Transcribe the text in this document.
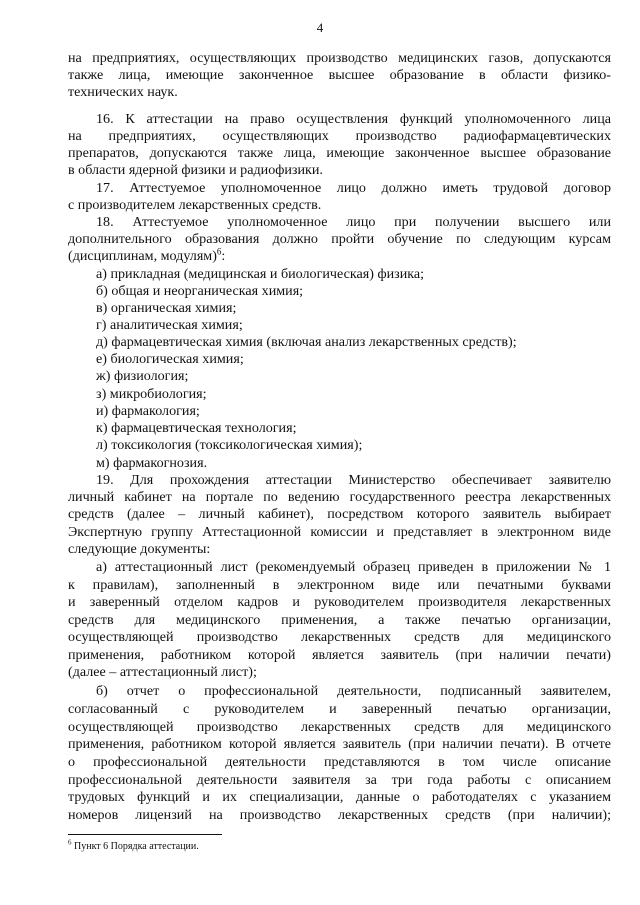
4
на предприятиях, осуществляющих производство медицинских газов, допускаются
также лица, имеющие законченное высшее образование в области физико-
технических наук.
16. К аттестации на право осуществления функций уполномоченного лица
на предприятиях, осуществляющих производство радиофармацевтических
препаратов, допускаются также лица, имеющие законченное высшее образование
в области ядерной физики и радиофизики.
17. Аттестуемое уполномоченное лицо должно иметь трудовой договор
с производителем лекарственных средств.
18. Аттестуемое уполномоченное лицо при получении высшего или
дополнительного образования должно пройти обучение по следующим курсам
(дисциплинам, модулям)$^6$:
а) прикладная (медицинская и биологическая) физика;
б) общая и неорганическая химия;
в) органическая химия;
г) аналитическая химия;
д) фармацевтическая химия (включая анализ лекарственных средств);
е) биологическая химия;
ж) физиология;
з) микробиология;
и) фармакология;
к) фармацевтическая технология;
л) токсикология (токсикологическая химия);
м) фармакогнозия.
19. Для прохождения аттестации Министерство обеспечивает заявителю
личный кабинет на портале по ведению государственного реестра лекарственных
средств (далее – личный кабинет), посредством которого заявитель выбирает
Экспертную группу Аттестационной комиссии и представляет в электронном виде
следующие документы:
а) аттестационный лист (рекомендуемый образец приведен в приложении № 1
к правилам), заполненный в электронном виде или печатными буквами
и заверенный отделом кадров и руководителем производителя лекарственных
средств для медицинского применения, а также печатью организации,
осуществляющей производство лекарственных средств для медицинского
применения, работником которой является заявитель (при наличии печати)
(далее – аттестационный лист);
б) отчет о профессиональной деятельности, подписанный заявителем,
согласованный с руководителем и заверенный печатью организации,
осуществляющей производство лекарственных средств для медицинского
применения, работником которой является заявитель (при наличии печати). В отчете
о профессиональной деятельности представляются в том числе описание
профессиональной деятельности заявителя за три года работы с описанием
трудовых функций и их специализации, данные о работодателях с указанием
номеров лицензий на производство лекарственных средств (при наличии);
$^6$ Пункт 6 Порядка аттестации.
